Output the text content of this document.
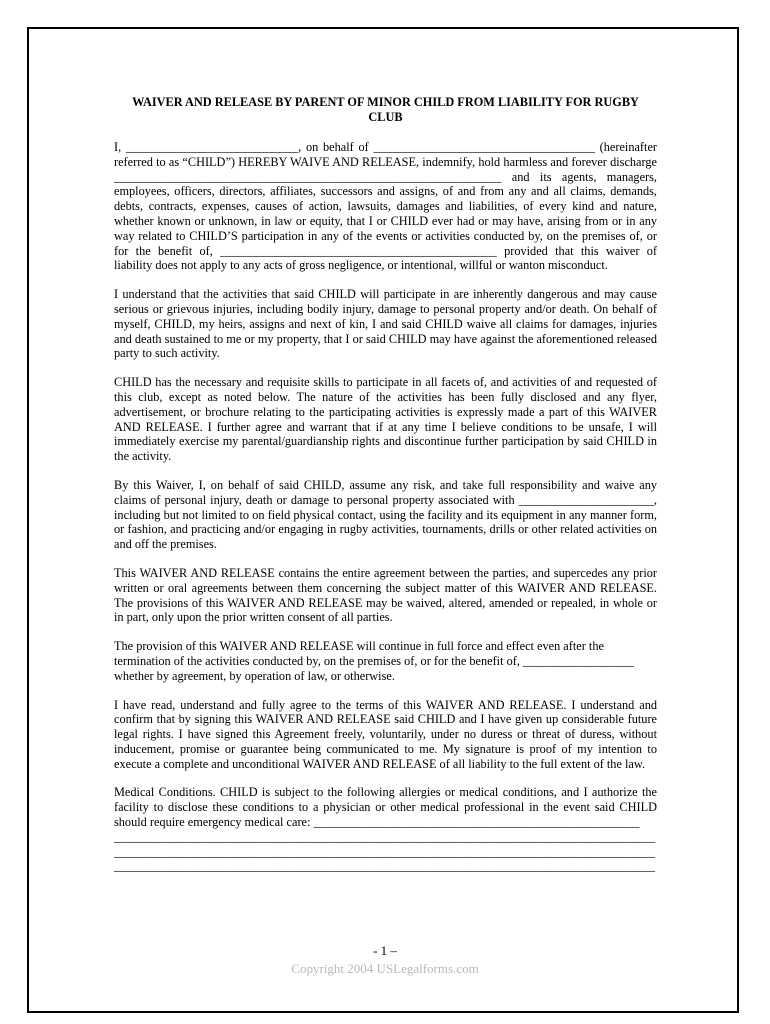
WAIVER AND RELEASE BY PARENT OF MINOR CHILD FROM LIABILITY FOR RUGBY CLUB

I, ____________________________, on behalf of ____________________________________ (hereinafter referred to as “CHILD”) HEREBY WAIVE AND RELEASE, indemnify, hold harmless and forever discharge _______________________________________________________________ and its agents, managers, employees, officers, directors, affiliates, successors and assigns, of and from any and all claims, demands, debts, contracts, expenses, causes of action, lawsuits, damages and liabilities, of every kind and nature, whether known or unknown, in law or equity, that I or CHILD ever had or may have, arising from or in any way related to CHILD’S participation in any of the events or activities conducted by, on the premises of, or for the benefit of, _____________________________________________ provided that this waiver of liability does not apply to any acts of gross negligence, or intentional, willful or wanton misconduct.

I understand that the activities that said CHILD will participate in are inherently dangerous and may cause serious or grievous injuries, including bodily injury, damage to personal property and/or death. On behalf of myself, CHILD, my heirs, assigns and next of kin, I and said CHILD waive all claims for damages, injuries and death sustained to me or my property, that I or said CHILD may have against the aforementioned released party to such activity.

CHILD has the necessary and requisite skills to participate in all facets of, and activities of and requested of this club, except as noted below. The nature of the activities has been fully disclosed and any flyer, advertisement, or brochure relating to the participating activities is expressly made a part of this WAIVER AND RELEASE. I further agree and warrant that if at any time I believe conditions to be unsafe, I will immediately exercise my parental/guardianship rights and discontinue further participation by said CHILD in the activity.

By this Waiver, I, on behalf of said CHILD, assume any risk, and take full responsibility and waive any claims of personal injury, death or damage to personal property associated with ______________________, including but not limited to on field physical contact, using the facility and its equipment in any manner form, or fashion, and practicing and/or engaging in rugby activities, tournaments, drills or other related activities on and off the premises.

This WAIVER AND RELEASE contains the entire agreement between the parties, and supercedes any prior written or oral agreements between them concerning the subject matter of this WAIVER AND RELEASE. The provisions of this WAIVER AND RELEASE may be waived, altered, amended or repealed, in whole or in part, only upon the prior written consent of all parties.

The provision of this WAIVER AND RELEASE will continue in full force and effect even after the
termination of the activities conducted by, on the premises of, or for the benefit of, __________________
whether by agreement, by operation of law, or otherwise.

I have read, understand and fully agree to the terms of this WAIVER AND RELEASE. I understand and confirm that by signing this WAIVER AND RELEASE said CHILD and I have given up considerable future legal rights. I have signed this Agreement freely, voluntarily, under no duress or threat of duress, without inducement, promise or guarantee being communicated to me. My signature is proof of my intention to execute a complete and unconditional WAIVER AND RELEASE of all liability to the full extent of the law.

Medical Conditions. CHILD is subject to the following allergies or medical conditions, and I authorize the facility to disclose these conditions to a physician or other medical professional in the event said CHILD should require emergency medical care: _____________________________________________________

________________________________________________________________________________________
________________________________________________________________________________________
________________________________________________________________________________________
- 1 –
Copyright 2004 USLegalforms.com
